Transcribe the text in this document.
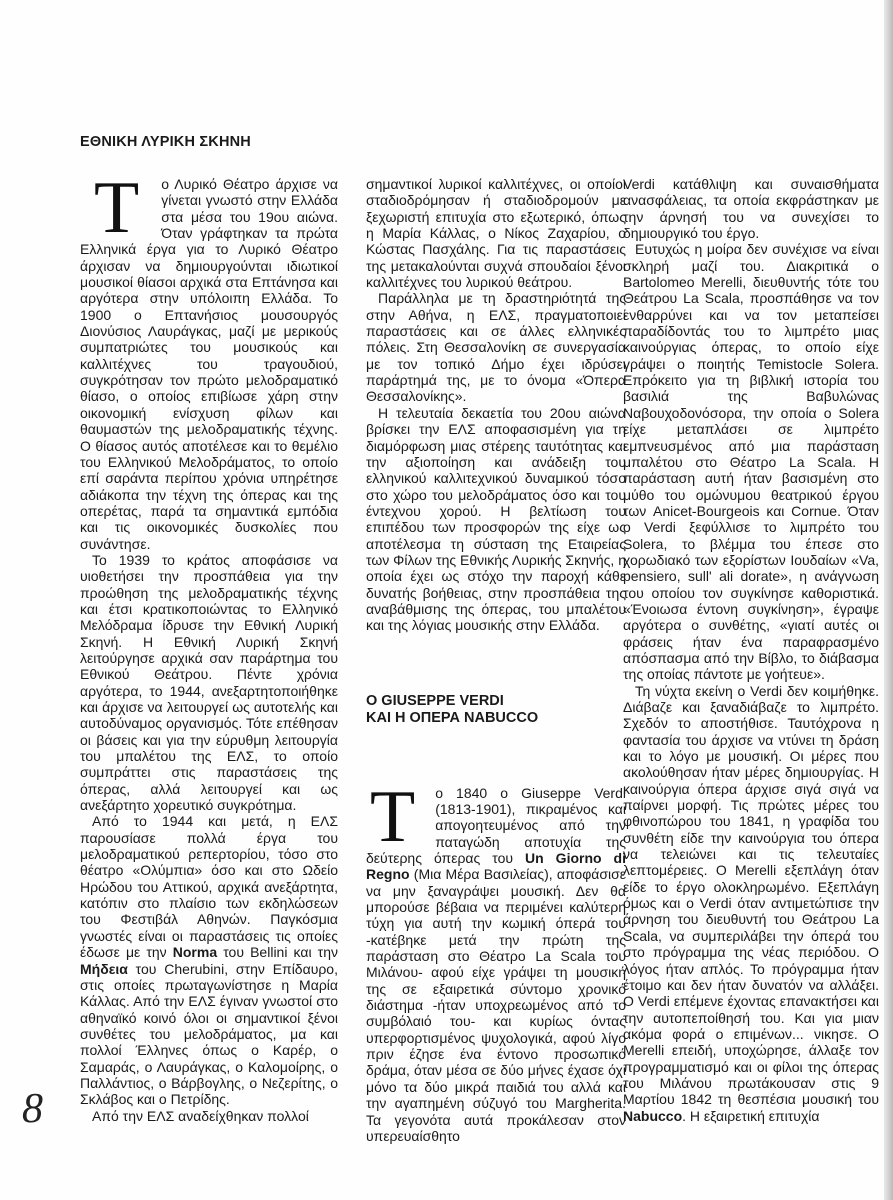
ΕΘΝΙΚΗ ΛΥΡΙΚΗ ΣΚΗΝΗ

Τ ο Λυρικό Θέατρο άρχισε να γίνεται γνωστό στην Ελλάδα στα μέσα του 19ου αιώνα. Όταν γράφτηκαν τα πρώτα Ελληνικά έργα για το Λυρικό Θέατρο άρχισαν να δημιουργούνται ιδιωτικοί μουσικοί θίασοι αρχικά στα Επτάνησα και αργότερα στην υπόλοιπη Ελλάδα. Το 1900 ο Επτανήσιος μουσουργός Διονύσιος Λαυράγκας, μαζί με μερικούς συμπατριώτες του μουσικούς και καλλιτέχνες του τραγουδιού, συγκρότησαν τον πρώτο μελοδραματικό θίασο, ο οποίος επιβίωσε χάρη στην οικονομική ενίσχυση φίλων και θαυμαστών της μελοδραματικής τέχνης. Ο θίασος αυτός αποτέλεσε και το θεμέλιο του Ελληνικού Μελοδράματος, το οποίο επί σαράντα περίπου χρόνια υπηρέτησε αδιάκοπα την τέχνη της όπερας και της οπερέτας, παρά τα σημαντικά εμπόδια και τις οικονομικές δυσκολίες που συνάντησε.

Το 1939 το κράτος αποφάσισε να υιοθετήσει την προσπάθεια για την προώθηση της μελοδραματικής τέχνης και έτσι κρατικοποιώντας το Ελληνικό Μελόδραμα ίδρυσε την Εθνική Λυρική Σκηνή. Η Εθνική Λυρική Σκηνή λειτούργησε αρχικά σαν παράρτημα του Εθνικού Θεάτρου. Πέντε χρόνια αργότερα, το 1944, ανεξαρτητοποιήθηκε και άρχισε να λειτουργεί ως αυτοτελής και αυτοδύναμος οργανισμός. Τότε επέθησαν οι βάσεις και για την εύρυθμη λειτουργία του μπαλέτου της ΕΛΣ, το οποίο συμπράττει στις παραστάσεις της όπερας, αλλά λειτουργεί και ως ανεξάρτητο χορευτικό συγκρότημα.

Από το 1944 και μετά, η ΕΛΣ παρουσίασε πολλά έργα του μελοδραματικού ρεπερτορίου, τόσο στο θέατρο «Ολύμπια» όσο και στο Ωδείο Ηρώδου του Αττικού, αρχικά ανεξάρτητα, κατόπιν στο πλαίσιο των εκδηλώσεων του Φεστιβάλ Αθηνών. Παγκόσμια γνωστές είναι οι παραστάσεις τις οποίες έδωσε με την Norma του Bellini και την Μήδεια του Cherubini, στην Επίδαυρο, στις οποίες πρωταγωνίστησε η Μαρία Κάλλας. Από την ΕΛΣ έγιναν γνωστοί στο αθηναϊκό κοινό όλοι οι σημαντικοί ξένοι συνθέτες του μελοδράματος, μα και πολλοί Έλληνες όπως ο Καρέρ, ο Σαμαράς, ο Λαυράγκας, ο Καλομοίρης, ο Παλλάντιος, ο Βάρβογλης, ο Νεζερίτης, ο Σκλάβος και ο Πετρίδης.

Από την ΕΛΣ αναδείχθηκαν πολλοί

σημαντικοί λυρικοί καλλιτέχνες, οι οποίοι σταδιοδρόμησαν ή σταδιοδρομούν με ξεχωριστή επιτυχία στο εξωτερικό, όπως η Μαρία Κάλλας, ο Νίκος Ζαχαρίου, ο Κώστας Πασχάλης. Για τις παραστάσεις της μετακαλούνται συχνά σπουδαίοι ξένοι καλλιτέχνες του λυρικού θεάτρου.

Παράλληλα με τη δραστηριότητά της στην Αθήνα, η ΕΛΣ, πραγματοποιεί παραστάσεις και σε άλλες ελληνικές πόλεις. Στη Θεσσαλονίκη σε συνεργασία με τον τοπικό Δήμο έχει ιδρύσει παράρτημά της, με το όνομα «Όπερα Θεσσαλονίκης».

Η τελευταία δεκαετία του 20ου αιώνα βρίσκει την ΕΛΣ αποφασισμένη για τη διαμόρφωση μιας στέρεης ταυτότητας και την αξιοποίηση και ανάδειξη του ελληνικού καλλιτεχνικού δυναμικού τόσο στο χώρο του μελοδράματος όσο και του έντεχνου χορού. Η βελτίωση του επιπέδου των προσφορών της είχε ως αποτέλεσμα τη σύσταση της Εταιρείας των Φίλων της Εθνικής Λυρικής Σκηνής, η οποία έχει ως στόχο την παροχή κάθε δυνατής βοήθειας, στην προσπάθεια της αναβάθμισης της όπερας, του μπαλέτου και της λόγιας μουσικής στην Ελλάδα.

Ο GIUSEPPE VERDI
ΚΑΙ Η ΟΠΕΡΑ NABUCCO

Τ ο 1840 ο Giuseppe Verdi (1813-1901), πικραμένος και απογοητευμένος από την παταγώδη αποτυχία της δεύτερης όπερας του Un Giorno di Regno (Μια Μέρα Βασιλείας), αποφάσισε να μην ξαναγράψει μουσική. Δεν θα μπορούσε βέβαια να περιμένει καλύτερη τύχη για αυτή την κωμική όπερά του -κατέβηκε μετά την πρώτη της παράσταση στο Θέατρο La Scala του Μιλάνου- αφού είχε γράψει τη μουσική της σε εξαιρετικά σύντομο χρονικό διάστημα -ήταν υποχρεωμένος από το συμβόλαιό του- και κυρίως όντας υπερφορτισμένος ψυχολογικά, αφού λίγο πριν έζησε ένα έντονο προσωπικό δράμα, όταν μέσα σε δύο μήνες έχασε όχι μόνο τα δύο μικρά παιδιά του αλλά και την αγαπημένη σύζυγό του Margherita. Τα γεγονότα αυτά προκάλεσαν στον υπερευαίσθητο

Verdi κατάθλιψη και συναισθήματα ανασφάλειας, τα οποία εκφράστηκαν με την άρνησή του να συνεχίσει το δημιουργικό του έργο.

Ευτυχώς η μοίρα δεν συνέχισε να είναι σκληρή μαζί του. Διακριτικά ο Bartolomeo Merelli, διευθυντής τότε του Θεάτρου La Scala, προσπάθησε να τον ενθαρρύνει και να τον μεταπείσει παραδίδοντάς του το λιμπρέτο μιας καινούργιας όπερας, το οποίο είχε γράψει ο ποιητής Temistocle Solera. Επρόκειτο για τη βιβλική ιστορία του βασιλιά της Βαβυλώνας Ναβουχοδονόσορα, την οποία ο Solera είχε μεταπλάσει σε λιμπρέτο εμπνευσμένος από μια παράσταση μπαλέτου στο Θέατρο La Scala. Η παράσταση αυτή ήταν βασισμένη στο μύθο του ομώνυμου θεατρικού έργου των Anicet-Bourgeois και Cornue. Όταν ο Verdi ξεφύλλισε το λιμπρέτο του Solera, το βλέμμα του έπεσε στο χορωδιακό των εξορίστων Ιουδαίων «Va, pensiero, sull' ali dorate», η ανάγνωση του οποίου τον συγκίνησε καθοριστικά. «Ένοιωσα έντονη συγκίνηση», έγραψε αργότερα ο συνθέτης, «γιατί αυτές οι φράσεις ήταν ένα παραφρασμένο απόσπασμα από την Βίβλο, το διάβασμα της οποίας πάντοτε με γοήτευε».

Τη νύχτα εκείνη ο Verdi δεν κοιμήθηκε. Διάβαζε και ξαναδιάβαζε το λιμπρέτο. Σχεδόν το αποστήθισε. Ταυτόχρονα η φαντασία του άρχισε να ντύνει τη δράση και το λόγο με μουσική. Οι μέρες που ακολούθησαν ήταν μέρες δημιουργίας. Η καινούργια όπερα άρχισε σιγά σιγά να παίρνει μορφή. Τις πρώτες μέρες του φθινοπώρου του 1841, η γραφίδα του συνθέτη είδε την καινούργια του όπερα να τελειώνει και τις τελευταίες λεπτομέρειες. Ο Merelli εξεπλάγη όταν είδε το έργο ολοκληρωμένο. Εξεπλάγη όμως και ο Verdi όταν αντιμετώπισε την άρνηση του διευθυντή του Θεάτρου La Scala, να συμπεριλάβει την όπερά του στο πρόγραμμα της νέας περιόδου. Ο λόγος ήταν απλός. Το πρόγραμμα ήταν έτοιμο και δεν ήταν δυνατόν να αλλάξει. Ο Verdi επέμενε έχοντας επανακτήσει και την αυτοπεποίθησή του. Και για μιαν ακόμα φορά ο επιμένων... νικησε. Ο Merelli επειδή, υποχώρησε, άλλαξε τον προγραμματισμό και οι φίλοι της όπερας του Μιλάνου πρωτάκουσαν στις 9 Μαρτίου 1842 τη θεσπέσια μουσική του Nabucco. Η εξαιρετική επιτυχία

8
